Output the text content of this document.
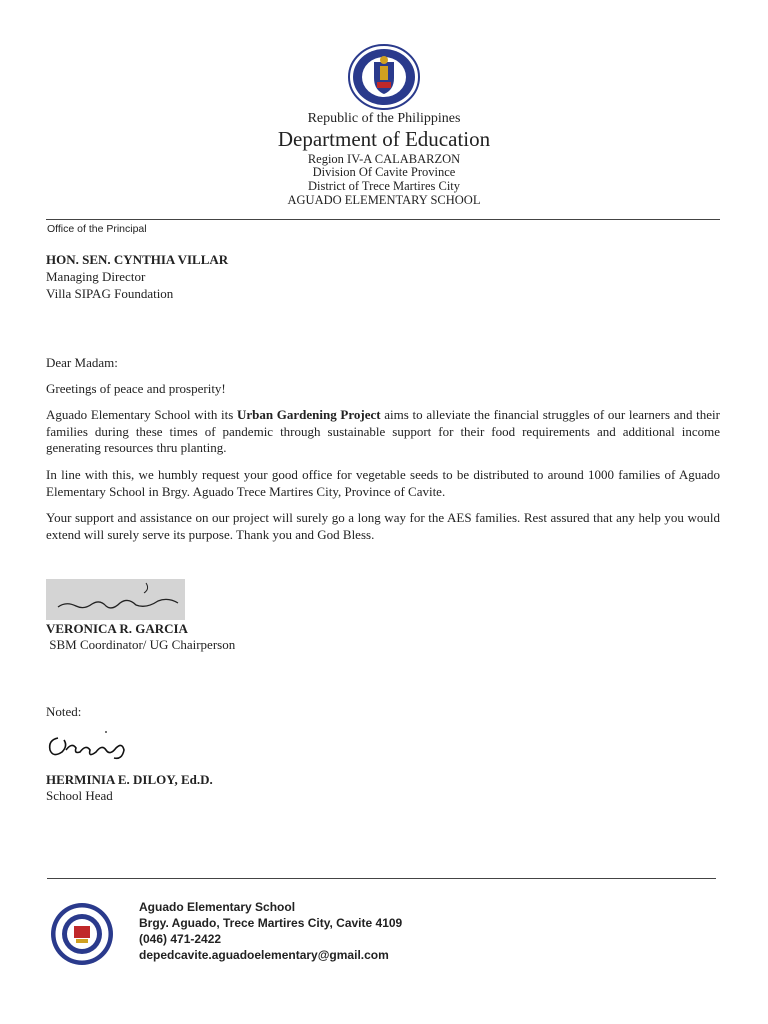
Republic of the Philippines
Department of Education
Region IV-A CALABARZON
Division Of Cavite Province
District of Trece Martires City
AGUADO ELEMENTARY SCHOOL
Office of the Principal
HON. SEN. CYNTHIA VILLAR
Managing Director
Villa SIPAG Foundation
Dear Madam:
Greetings of peace and prosperity!
Aguado Elementary School with its Urban Gardening Project aims to alleviate the financial struggles of our learners and their families during these times of pandemic through sustainable support for their food requirements and additional income generating resources thru planting.
In line with this, we humbly request your good office for vegetable seeds to be distributed to around 1000 families of Aguado Elementary School in Brgy. Aguado Trece Martires City, Province of Cavite.
Your support and assistance on our project will surely go a long way for the AES families. Rest assured that any help you would extend will surely serve its purpose. Thank you and God Bless.
VERONICA R. GARCIA
SBM Coordinator/ UG Chairperson
Noted:
HERMINIA E. DILOY, Ed.D.
School Head
Aguado Elementary School
Brgy. Aguado, Trece Martires City, Cavite 4109
(046) 471-2422
depedcavite.aguadoelementary@gmail.com
